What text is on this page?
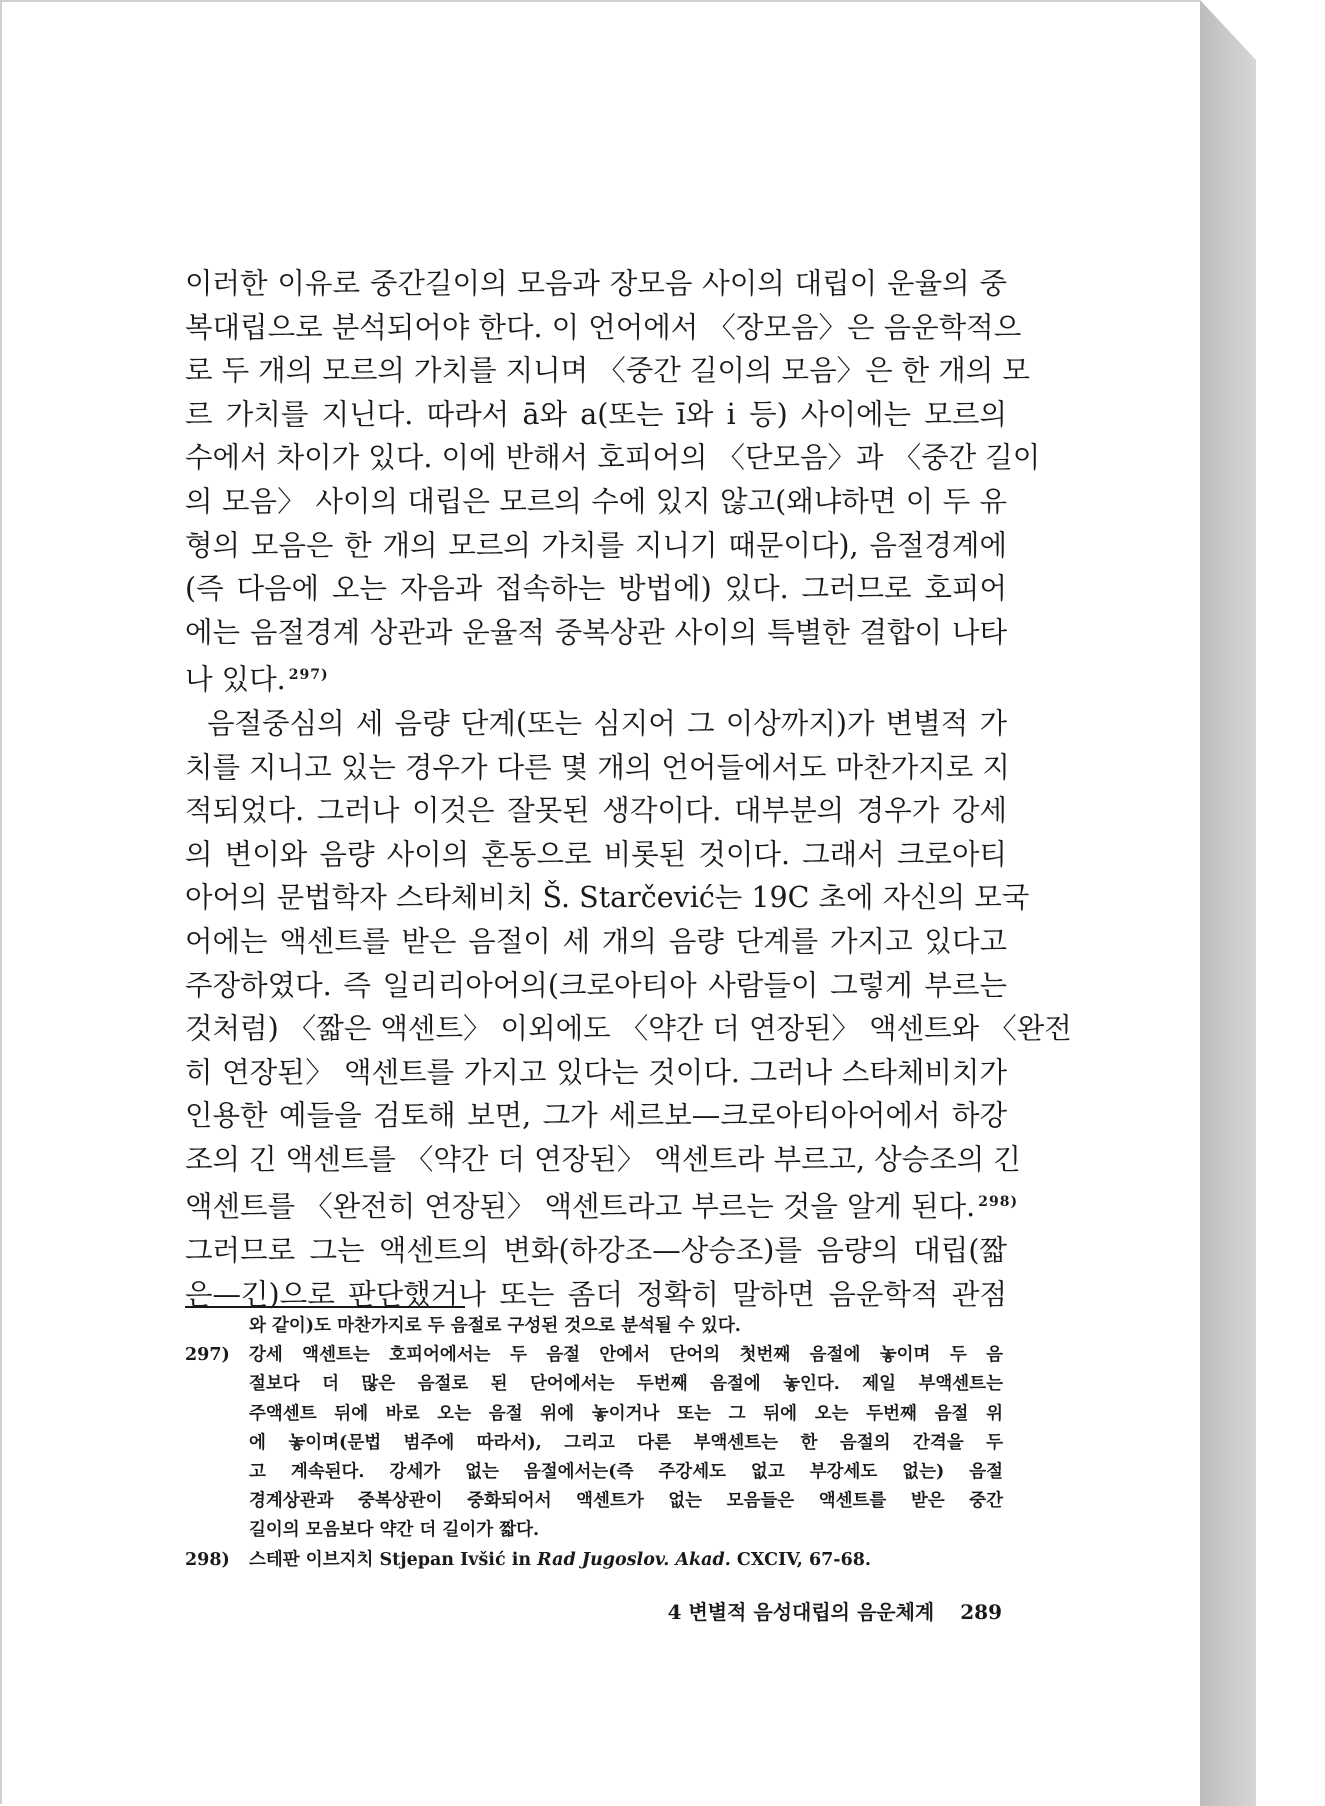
이러한 이유로 중간길이의 모음과 장모음 사이의 대립이 운율의 중
복대립으로 분석되어야 한다. 이 언어에서 〈장모음〉은 음운학적으
로 두 개의 모르의 가치를 지니며 〈중간 길이의 모음〉은 한 개의 모
르 가치를 지닌다. 따라서 ā와 a(또는 ī와 i 등) 사이에는 모르의
수에서 차이가 있다. 이에 반해서 호피어의 〈단모음〉과 〈중간 길이
의 모음〉 사이의 대립은 모르의 수에 있지 않고(왜냐하면 이 두 유
형의 모음은 한 개의 모르의 가치를 지니기 때문이다), 음절경계에
(즉 다음에 오는 자음과 접속하는 방법에) 있다. 그러므로 호피어
에는 음절경계 상관과 운율적 중복상관 사이의 특별한 결합이 나타
나 있다. $^{297)}$
음절중심의 세 음량 단계(또는 심지어 그 이상까지)가 변별적 가
치를 지니고 있는 경우가 다른 몇 개의 언어들에서도 마찬가지로 지
적되었다. 그러나 이것은 잘못된 생각이다. 대부분의 경우가 강세
의 변이와 음량 사이의 혼동으로 비롯된 것이다. 그래서 크로아티
아어의 문법학자 스타체비치 Š. Starčević는 19C 초에 자신의 모국
어에는 액센트를 받은 음절이 세 개의 음량 단계를 가지고 있다고
주장하였다. 즉 일리리아어의(크로아티아 사람들이 그렇게 부르는
것처럼) 〈짧은 액센트〉 이외에도 〈약간 더 연장된〉 액센트와 〈완전
히 연장된〉 액센트를 가지고 있다는 것이다. 그러나 스타체비치가
인용한 예들을 검토해 보면, 그가 세르보—크로아티아어에서 하강
조의 긴 액센트를 〈약간 더 연장된〉 액센트라 부르고, 상승조의 긴
액센트를 〈완전히 연장된〉 액센트라고 부르는 것을 알게 된다. $^{298)}$
그러므로 그는 액센트의 변화(하강조—상승조)를 음량의 대립(짧
은—긴)으로 판단했거나 또는 좀더 정확히 말하면 음운학적 관점
와 같이)도 마찬가지로 두 음절로 구성된 것으로 분석될 수 있다.
297) 강세 액센트는 호피어에서는 두 음절 안에서 단어의 첫번째 음절에 놓이며 두 음
절보다 더 많은 음절로 된 단어에서는 두번째 음절에 놓인다. 제일 부액센트는
주액센트 뒤에 바로 오는 음절 위에 놓이거나 또는 그 뒤에 오는 두번째 음절 위
에 놓이며(문법 범주에 따라서), 그리고 다른 부액센트는 한 음절의 간격을 두
고 계속된다. 강세가 없는 음절에서는(즉 주강세도 없고 부강세도 없는) 음절
경계상관과 중복상관이 중화되어서 액센트가 없는 모음들은 액센트를 받은 중간
길이의 모음보다 약간 더 길이가 짧다.
298) 스테판 이브지치 Stjepan Ivšić in Rad Jugoslov. Akad. CXCIV, 67-68.
4 변별적 음성대립의 음운체계 289
